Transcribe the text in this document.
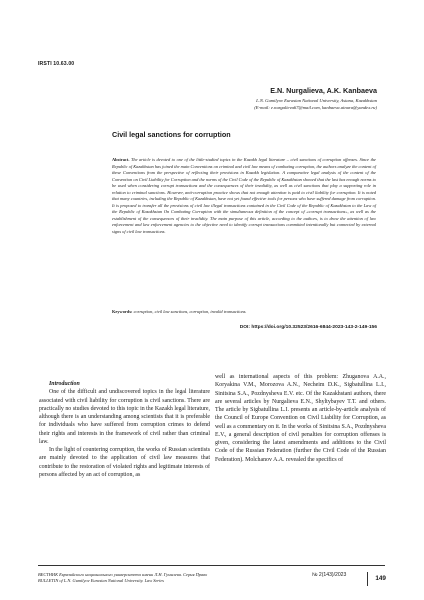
IRSTI 10.63.00
E.N. Nurgalieva, A.K. Kanbaeva
L.N. Gumilyov Eurasian National University, Astana, Kazakhstan
(E-mail: e.nurgalieva67@mail.com, kanbaeva.ainura@yandex.ru)
Civil legal sanctions for corruption
Abstract. The article is devoted to one of the little-studied topics in the Kazakh legal literature – civil sanctions of corruption offenses. Since the Republic of Kazakhstan has joined the main Conventions on criminal and civil law means of combating corruption, the authors analyze the content of these Conventions from the perspective of reflecting their provisions in Kazakh legislation. A comparative legal analysis of the content of the Convention on Civil Liability for Corruption and the norms of the Civil Code of the Republic of Kazakhstan showed that the last has enough norms to be used when considering corrupt transactions and the consequences of their invalidity, as well as civil sanctions that play a supporting role in relation to criminal sanctions. However, anti-corruption practice shows that not enough attention is paid to civil liability for corruption. It is noted that many countries, including the Republic of Kazakhstan, have not yet found effective tools for persons who have suffered damage from corruption. It is proposed to transfer all the provisions of civil law illegal transactions contained in the Civil Code of the Republic of Kazakhstan to the Law of the Republic of Kazakhstan On Combating Corruption with the simultaneous definition of the concept of «corrupt transactions», as well as the establishment of the consequences of their invalidity. The main purpose of this article, according to the authors, is to draw the attention of law enforcement and law enforcement agencies to the objective need to identify corrupt transactions committed intentionally but connected by external signs of civil law transactions.
Keywords: corruption, civil law sanctions, corruption, invalid transactions.
DOI: https://doi.org/10.32523/2616-6844-2023-143-2-149-156

Introduction

One of the difficult and undiscovered topics in the legal literature associated with civil liability for corruption is civil sanctions. There are practically no studies devoted to this topic in the Kazakh legal literature, although there is an understanding among scientists that it is preferable for individuals who have suffered from corruption crimes to defend their rights and interests in the framework of civil rather than criminal law.

In the light of countering corruption, the works of Russian scientists are mainly devoted to the application of civil law measures that contribute to the restoration of violated rights and legitimate interests of persons affected by an act of corruption, as

well as international aspects of this problem: Zhuganova A.A., Koryakina V.M., Morozova A.N., Necheim D.K., Sigbatullina L.I., Sinitsina S.A., Pozdnysheva E.V. etc. Of the Kazakhstani authors, there are several articles by Nurgalieva E.N., Shyltybayev T.T. and others. The article by Sigbatullina L.I. presents an article-by-article analysis of the Council of Europe Convention on Civil Liability for Corruption, as well as a commentary on it. In the works of Sinitsina S.A., Pozdnysheva E.V., a general description of civil penalties for corruption offenses is given, considering the latest amendments and additions to the Civil Code of the Russian Federation (further the Civil Code of the Russian Federation). Molchanov A.A. revealed the specifics of

ВЕСТНИК Евразийского национального университета имени Л.Н. Гумилева. Серия Право
BULLETIN of L.N. Gumilyov Eurasian National University. Law Series
№ 2(143)/2023	149
